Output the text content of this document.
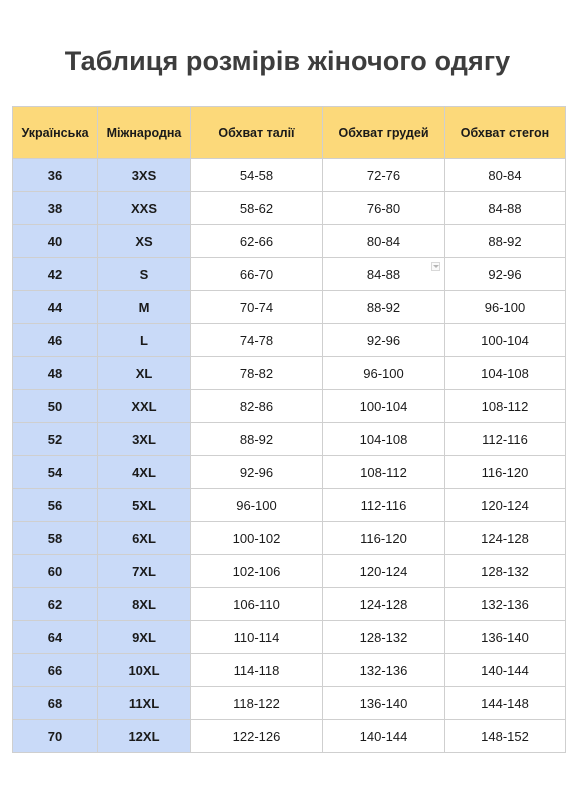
Таблиця розмірів жіночого одягу
Українська	Міжнародна	Обхват талії	Обхват грудей	Обхват стегон
36	3XS	54-58	72-76	80-84
38	XXS	58-62	76-80	84-88
40	XS	62-66	80-84	88-92
42	S	66-70	84-88	92-96
44	M	70-74	88-92	96-100
46	L	74-78	92-96	100-104
48	XL	78-82	96-100	104-108
50	XXL	82-86	100-104	108-112
52	3XL	88-92	104-108	112-116
54	4XL	92-96	108-112	116-120
56	5XL	96-100	112-116	120-124
58	6XL	100-102	116-120	124-128
60	7XL	102-106	120-124	128-132
62	8XL	106-110	124-128	132-136
64	9XL	110-114	128-132	136-140
66	10XL	114-118	132-136	140-144
68	11XL	118-122	136-140	144-148
70	12XL	122-126	140-144	148-152
